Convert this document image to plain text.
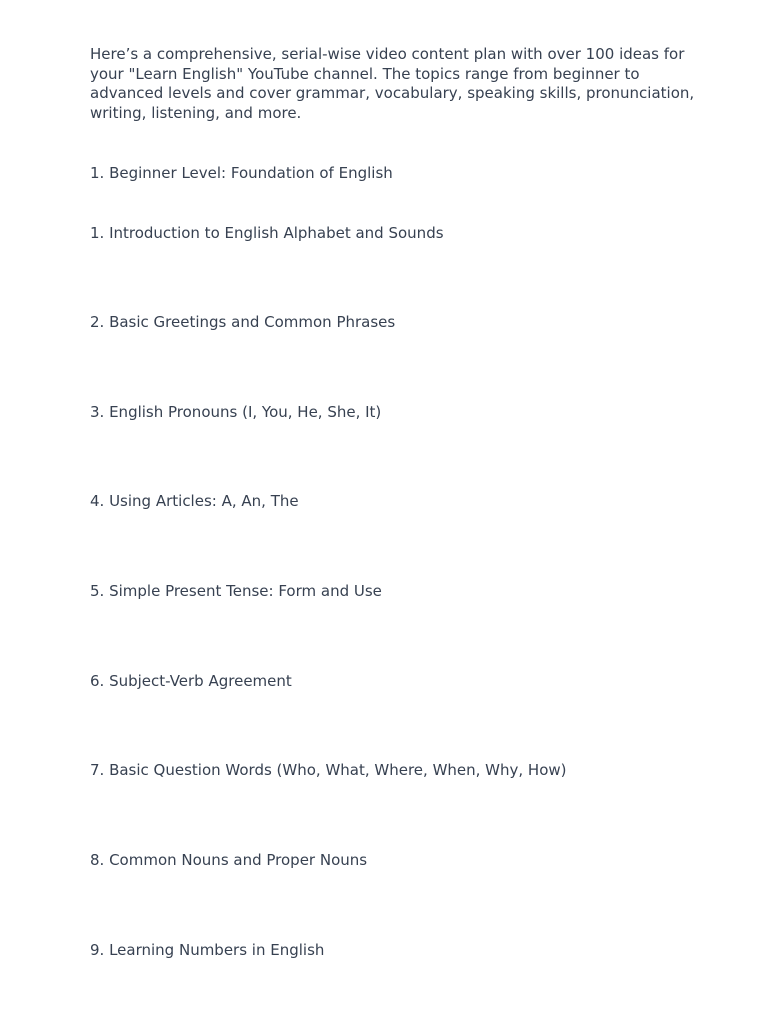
Here’s a comprehensive, serial-wise video content plan with over 100 ideas for your "Learn English" YouTube channel. The topics range from beginner to advanced levels and cover grammar, vocabulary, speaking skills, pronunciation, writing, listening, and more.

1. Beginner Level: Foundation of English

1. Introduction to English Alphabet and Sounds

2. Basic Greetings and Common Phrases

3. English Pronouns (I, You, He, She, It)

4. Using Articles: A, An, The

5. Simple Present Tense: Form and Use

6. Subject-Verb Agreement

7. Basic Question Words (Who, What, Where, When, Why, How)

8. Common Nouns and Proper Nouns

9. Learning Numbers in English
